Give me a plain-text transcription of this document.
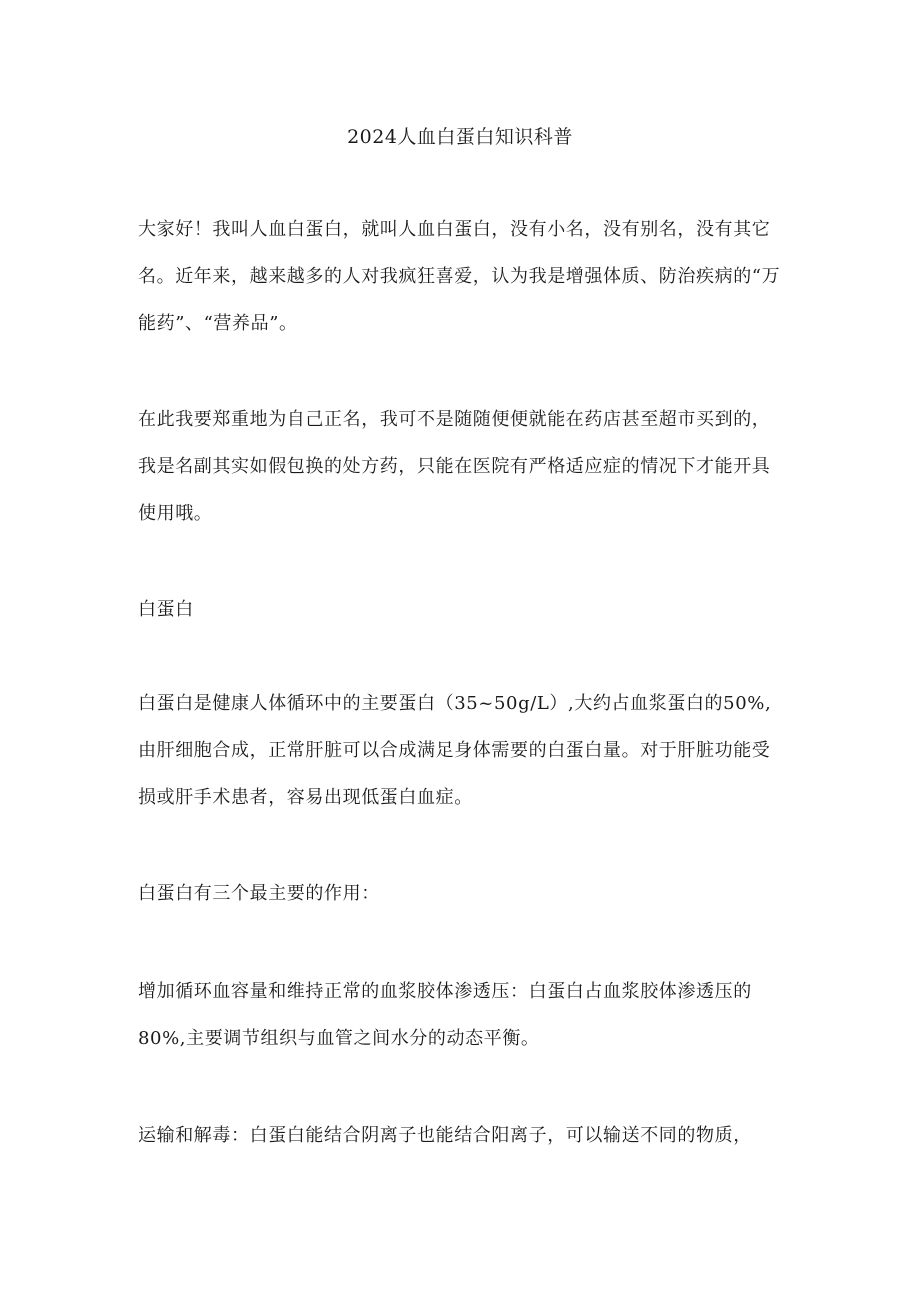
2024人血白蛋白知识科普

大家好！我叫人血白蛋白，就叫人血白蛋白，没有小名，没有别名，没有其它名。近年来，越来越多的人对我疯狂喜爱，认为我是增强体质、防治疾病的“万能药”、“营养品”。

在此我要郑重地为自己正名，我可不是随随便便就能在药店甚至超市买到的，我是名副其实如假包换的处方药，只能在医院有严格适应症的情况下才能开具使用哦。

白蛋白

白蛋白是健康人体循环中的主要蛋白（35~50g/L）,大约占血浆蛋白的50%,由肝细胞合成，正常肝脏可以合成满足身体需要的白蛋白量。对于肝脏功能受损或肝手术患者，容易出现低蛋白血症。

白蛋白有三个最主要的作用：

增加循环血容量和维持正常的血浆胶体渗透压：白蛋白占血浆胶体渗透压的80%,主要调节组织与血管之间水分的动态平衡。

运输和解毒：白蛋白能结合阴离子也能结合阳离子，可以输送不同的物质，
